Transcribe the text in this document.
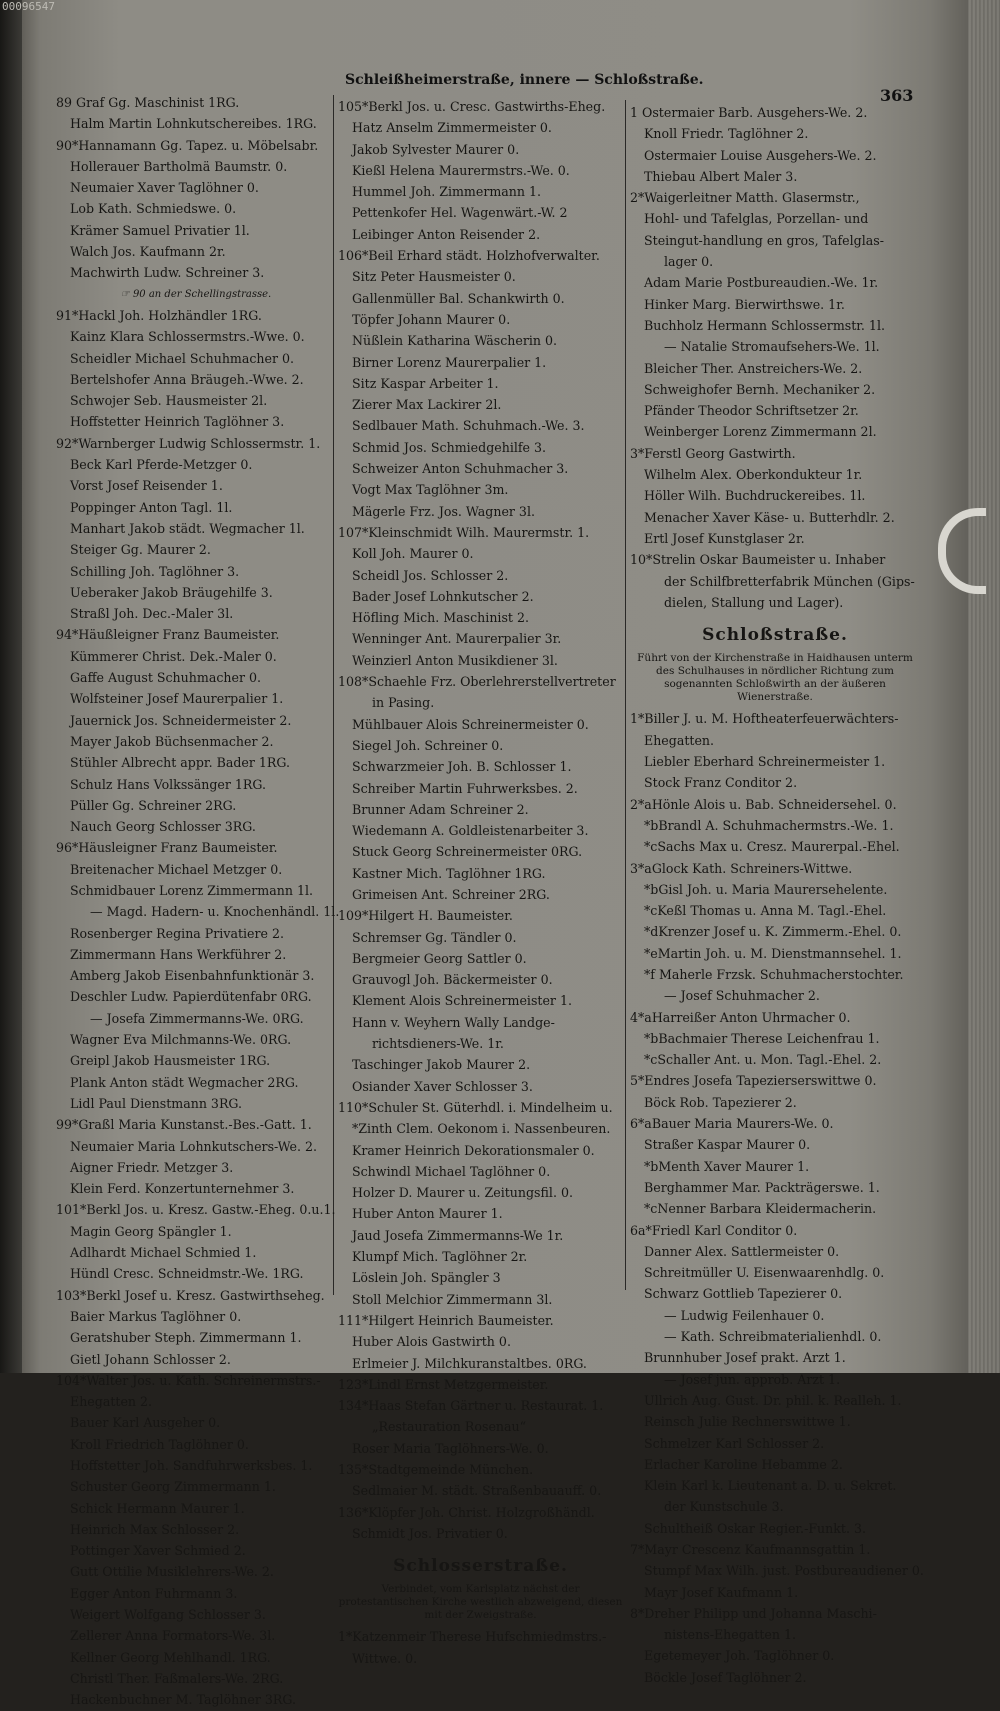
00096547
Schleißheimerstraße, innere — Schloßstraße.
363
89 Graf Gg. Maschinist 1RG.
Halm Martin Lohnkutschereibes. 1RG.
90*Hannamann Gg. Tapez. u. Möbelsabr.
Hollerauer Bartholmä Baumstr. 0.
Neumaier Xaver Taglöhner 0.
Lob Kath. Schmiedswe. 0.
Krämer Samuel Privatier 1l.
Walch Jos. Kaufmann 2r.
Machwirth Ludw. Schreiner 3.
☞ 90 an der Schellingstrasse.
91*Hackl Joh. Holzhändler 1RG.
Kainz Klara Schlossermstrs.-Wwe. 0.
Scheidler Michael Schuhmacher 0.
Bertelshofer Anna Bräugeh.-Wwe. 2.
Schwojer Seb. Hausmeister 2l.
Hoffstetter Heinrich Taglöhner 3.
92*Warnberger Ludwig Schlossermstr. 1.
Beck Karl Pferde-Metzger 0.
Vorst Josef Reisender 1.
Poppinger Anton Tagl. 1l.
Manhart Jakob städt. Wegmacher 1l.
Steiger Gg. Maurer 2.
Schilling Joh. Taglöhner 3.
Ueberaker Jakob Bräugehilfe 3.
Straßl Joh. Dec.-Maler 3l.
94*Häußleigner Franz Baumeister.
Kümmerer Christ. Dek.-Maler 0.
Gaffe August Schuhmacher 0.
Wolfsteiner Josef Maurerpalier 1.
Jauernick Jos. Schneidermeister 2.
Mayer Jakob Büchsenmacher 2.
Stühler Albrecht appr. Bader 1RG.
Schulz Hans Volkssänger 1RG.
Püller Gg. Schreiner 2RG.
Nauch Georg Schlosser 3RG.
96*Häusleigner Franz Baumeister.
Breitenacher Michael Metzger 0.
Schmidbauer Lorenz Zimmermann 1l.
— Magd. Hadern- u. Knochenhändl. 1l.
Rosenberger Regina Privatiere 2.
Zimmermann Hans Werkführer 2.
Amberg Jakob Eisenbahnfunktionär 3.
Deschler Ludw. Papierdütenfabr 0RG.
— Josefa Zimmermanns-We. 0RG.
Wagner Eva Milchmanns-We. 0RG.
Greipl Jakob Hausmeister 1RG.
Plank Anton städt Wegmacher 2RG.
Lidl Paul Dienstmann 3RG.
99*Graßl Maria Kunstanst.-Bes.-Gatt. 1.
Neumaier Maria Lohnkutschers-We. 2.
Aigner Friedr. Metzger 3.
Klein Ferd. Konzertunternehmer 3.
101*Berkl Jos. u. Kresz. Gastw.-Eheg. 0.u.1.
Magin Georg Spängler 1.
Adlhardt Michael Schmied 1.
Hündl Cresc. Schneidmstr.-We. 1RG.
103*Berkl Josef u. Kresz. Gastwirthseheg.
Baier Markus Taglöhner 0.
Geratshuber Steph. Zimmermann 1.
Gietl Johann Schlosser 2.
104*Walter Jos. u. Kath. Schreinermstrs.-
Ehegatten 2.
Bauer Karl Ausgeher 0.
Kroll Friedrich Taglöhner 0.
Hoffstetter Joh. Sandfuhrwerksbes. 1.
Schuster Georg Zimmermann 1.
Schick Hermann Maurer 1.
Heinrich Max Schlosser 2.
Pottinger Xaver Schmied 2.
Gutt Ottilie Musiklehrers-We. 2.
Egger Anton Fuhrmann 3.
Weigert Wolfgang Schlosser 3.
Zellerer Anna Formators-We. 3l.
Kellner Georg Mehlhandl. 1RG.
Christl Ther. Faßmalers-We. 2RG.
Hackenbuchner M. Taglöhner 3RG.
105*Berkl Jos. u. Cresc. Gastwirths-Eheg.
Hatz Anselm Zimmermeister 0.
Jakob Sylvester Maurer 0.
Kießl Helena Maurermstrs.-We. 0.
Hummel Joh. Zimmermann 1.
Pettenkofer Hel. Wagenwärt.-W. 2
Leibinger Anton Reisender 2.
106*Beil Erhard städt. Holzhofverwalter.
Sitz Peter Hausmeister 0.
Gallenmüller Bal. Schankwirth 0.
Töpfer Johann Maurer 0.
Nüßlein Katharina Wäscherin 0.
Birner Lorenz Maurerpalier 1.
Sitz Kaspar Arbeiter 1.
Zierer Max Lackirer 2l.
Sedlbauer Math. Schuhmach.-We. 3.
Schmid Jos. Schmiedgehilfe 3.
Schweizer Anton Schuhmacher 3.
Vogt Max Taglöhner 3m.
Mägerle Frz. Jos. Wagner 3l.
107*Kleinschmidt Wilh. Maurermstr. 1.
Koll Joh. Maurer 0.
Scheidl Jos. Schlosser 2.
Bader Josef Lohnkutscher 2.
Höfling Mich. Maschinist 2.
Wenninger Ant. Maurerpalier 3r.
Weinzierl Anton Musikdiener 3l.
108*Schaehle Frz. Oberlehrerstellvertreter
in Pasing.
Mühlbauer Alois Schreinermeister 0.
Siegel Joh. Schreiner 0.
Schwarzmeier Joh. B. Schlosser 1.
Schreiber Martin Fuhrwerksbes. 2.
Brunner Adam Schreiner 2.
Wiedemann A. Goldleistenarbeiter 3.
Stuck Georg Schreinermeister 0RG.
Kastner Mich. Taglöhner 1RG.
Grimeisen Ant. Schreiner 2RG.
109*Hilgert H. Baumeister.
Schremser Gg. Tändler 0.
Bergmeier Georg Sattler 0.
Grauvogl Joh. Bäckermeister 0.
Klement Alois Schreinermeister 1.
Hann v. Weyhern Wally Landge-
richtsdieners-We. 1r.
Taschinger Jakob Maurer 2.
Osiander Xaver Schlosser 3.
110*Schuler St. Güterhdl. i. Mindelheim u.
*Zinth Clem. Oekonom i. Nassenbeuren.
Kramer Heinrich Dekorationsmaler 0.
Schwindl Michael Taglöhner 0.
Holzer D. Maurer u. Zeitungsfil. 0.
Huber Anton Maurer 1.
Jaud Josefa Zimmermanns-We 1r.
Klumpf Mich. Taglöhner 2r.
Löslein Joh. Spängler 3
Stoll Melchior Zimmermann 3l.
111*Hilgert Heinrich Baumeister.
Huber Alois Gastwirth 0.
Erlmeier J. Milchkuranstaltbes. 0RG.
123*Lindl Ernst Metzgermeister.
134*Haas Stefan Gärtner u. Restaurat. 1.
„Restauration Rosenau“
Roser Maria Taglöhners-We. 0.
135*Stadtgemeinde München.
Sedlmaier M. städt. Straßenbauauff. 0.
136*Klöpfer Joh. Christ. Holzgroßhändl.
Schmidt Jos. Privatier 0.
Schlosserstraße.
Verbindet, vom Karlsplatz nächst der protestantischen Kirche westlich abzweigend, diesen mit der Zweigstraße.
1*Katzenmeir Therese Hufschmiedmstrs.-
Wittwe. 0.
1 Ostermaier Barb. Ausgehers-We. 2.
Knoll Friedr. Taglöhner 2.
Ostermaier Louise Ausgehers-We. 2.
Thiebau Albert Maler 3.
2*Waigerleitner Matth. Glasermstr.,
Hohl- und Tafelglas, Porzellan- und
Steingut-handlung en gros, Tafelglas-
lager 0.
Adam Marie Postbureaudien.-We. 1r.
Hinker Marg. Bierwirthswe. 1r.
Buchholz Hermann Schlossermstr. 1l.
— Natalie Stromaufsehers-We. 1l.
Bleicher Ther. Anstreichers-We. 2.
Schweighofer Bernh. Mechaniker 2.
Pfänder Theodor Schriftsetzer 2r.
Weinberger Lorenz Zimmermann 2l.
3*Ferstl Georg Gastwirth.
Wilhelm Alex. Oberkondukteur 1r.
Höller Wilh. Buchdruckereibes. 1l.
Menacher Xaver Käse- u. Butterhdlr. 2.
Ertl Josef Kunstglaser 2r.
10*Strelin Oskar Baumeister u. Inhaber
der Schilfbretterfabrik München (Gips-
dielen, Stallung und Lager).
Schloßstraße.
Führt von der Kirchenstraße in Haidhausen unterm des Schulhauses in nördlicher Richtung zum sogenannten Schloßwirth an der äußeren Wienerstraße.
1*Biller J. u. M. Hoftheaterfeuerwächters-
Ehegatten.
Liebler Eberhard Schreinermeister 1.
Stock Franz Conditor 2.
2*aHönle Alois u. Bab. Schneidersehel. 0.
*bBrandl A. Schuhmachermstrs.-We. 1.
*cSachs Max u. Cresz. Maurerpal.-Ehel.
3*aGlock Kath. Schreiners-Wittwe.
*bGisl Joh. u. Maria Maurersehelente.
*cKeßl Thomas u. Anna M. Tagl.-Ehel.
*dKrenzer Josef u. K. Zimmerm.-Ehel. 0.
*eMartin Joh. u. M. Dienstmannsehel. 1.
*f Maherle Frzsk. Schuhmacherstochter.
— Josef Schuhmacher 2.
4*aHarreißer Anton Uhrmacher 0.
*bBachmaier Therese Leichenfrau 1.
*cSchaller Ant. u. Mon. Tagl.-Ehel. 2.
5*Endres Josefa Tapezierserswittwe 0.
Böck Rob. Tapezierer 2.
6*aBauer Maria Maurers-We. 0.
Straßer Kaspar Maurer 0.
*bMenth Xaver Maurer 1.
Berghammer Mar. Packträgerswe. 1.
*cNenner Barbara Kleidermacherin.
6a*Friedl Karl Conditor 0.
Danner Alex. Sattlermeister 0.
Schreitmüller U. Eisenwaarenhdlg. 0.
Schwarz Gottlieb Tapezierer 0.
— Ludwig Feilenhauer 0.
— Kath. Schreibmaterialienhdl. 0.
Brunnhuber Josef prakt. Arzt 1.
— Josef jun. approb. Arzt 1.
Ullrich Aug. Gust. Dr. phil. k. Realleh. 1.
Reinsch Julie Rechnerswittwe 1.
Schmelzer Karl Schlosser 2.
Erlacher Karoline Hebamme 2.
Klein Karl k. Lieutenant a. D. u. Sekret.
der Kunstschule 3.
Schultheiß Oskar Regier.-Funkt. 3.
7*Mayr Crescenz Kaufmannsgattin 1.
Stumpf Max Wilh. just. Postbureaudiener 0.
Mayr Josef Kaufmann 1.
8*Dreher Philipp und Johanna Maschi-
nistens-Ehegatten 1.
Egetemeyer Joh. Taglöhner 0.
Böckle Josef Taglöhner 2.
